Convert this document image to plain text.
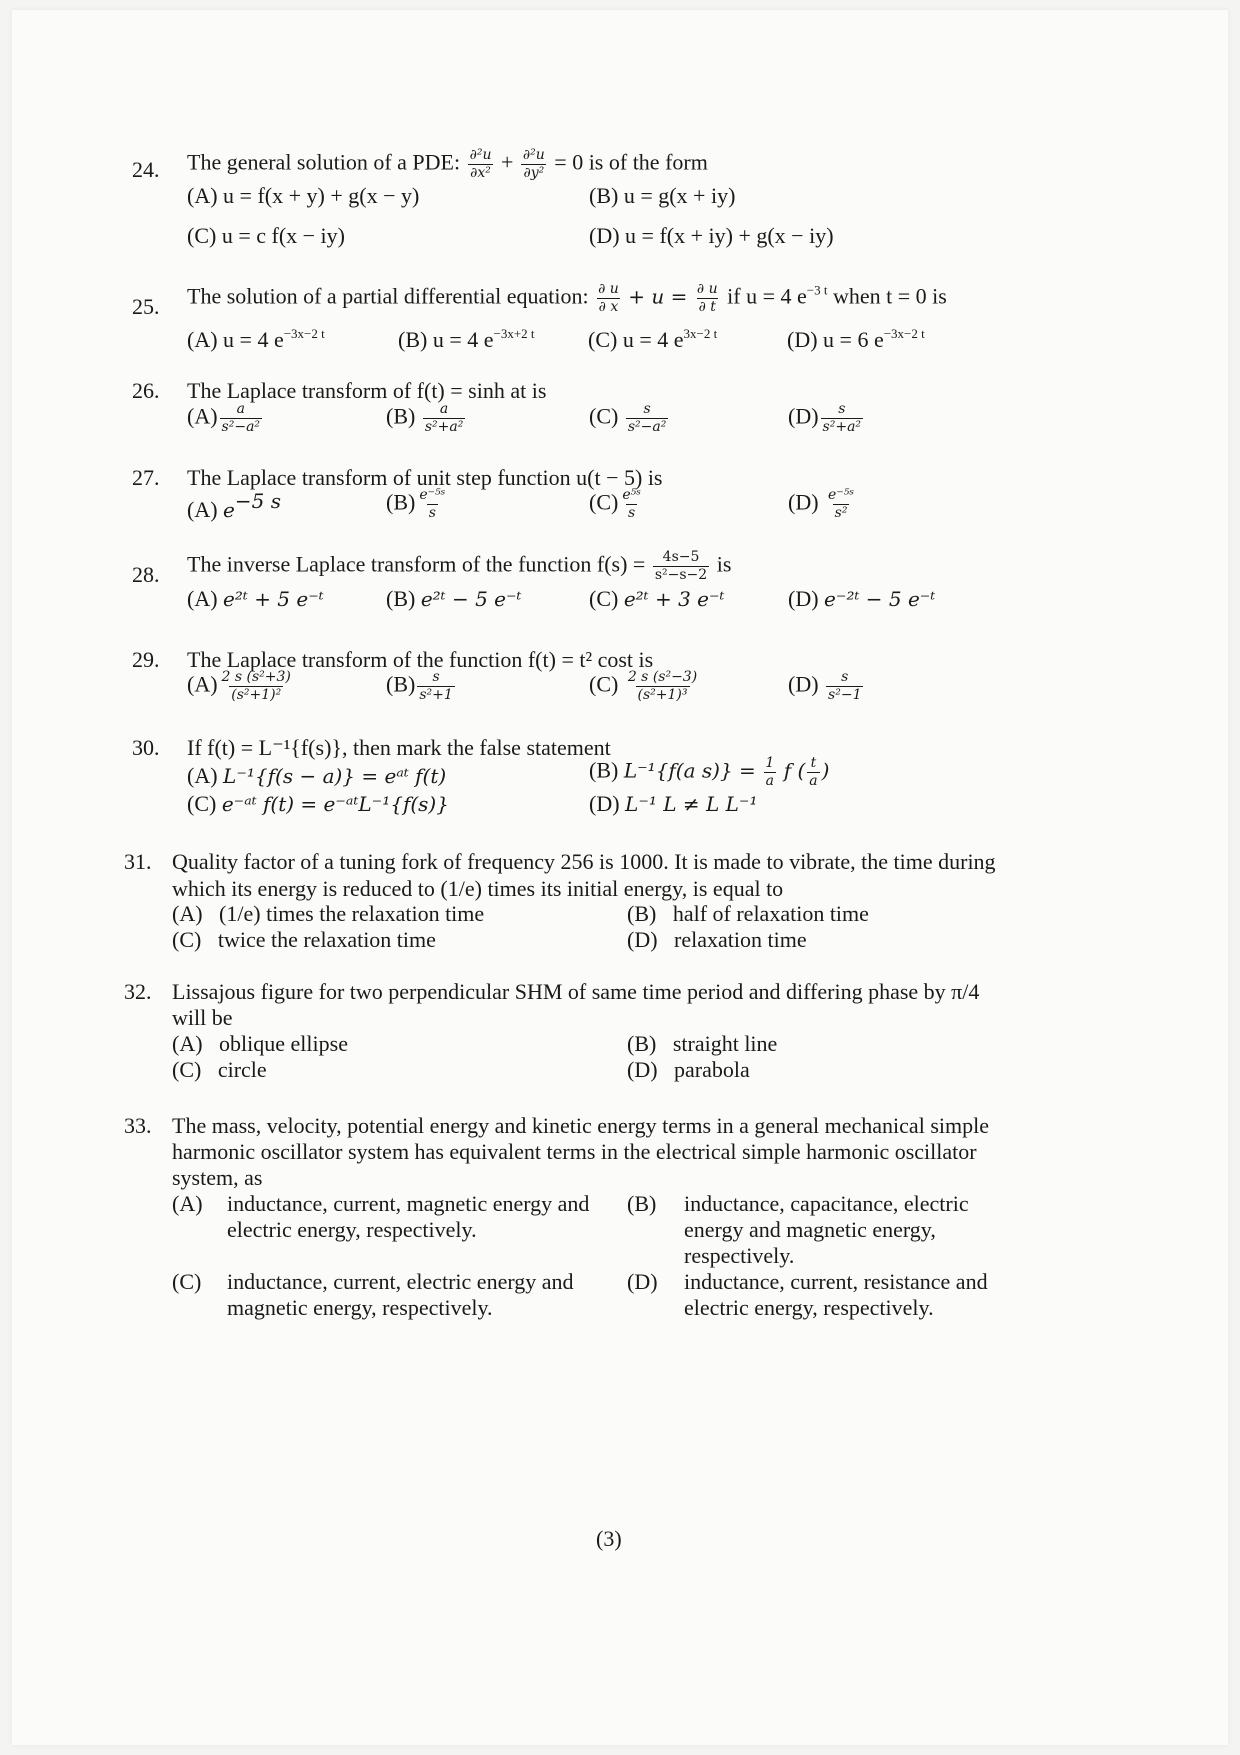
24. The general solution of a PDE: $\frac{\text{∂²u}}{\text{∂x²}} + \frac{\text{∂²u}}{\text{∂y²}} = 0$ is of the form
(A) u = f(x + y) + g(x − y)	(B) u = g(x + iy)
(C) u = c f(x − iy)	(D) u = f(x + iy) + g(x − iy)
25. The solution of a partial differential equation: $\frac{\partial u}{\partial x} + u = \frac{\partial u}{\partial t}$ if u = 4 $e^{-3 t}$ when t = 0 is
(A) u = 4 $e^{-3x-2 t}$	(B) u = 4 $e^{-3x+2 t}$ (C) u = 4 $e^{3x-2 t}$	(D) u = 6 $e^{-3x-2 t}$
26. The Laplace transform of f(t) = sinh at is
$(A) \frac{a}{\text{s²−a²}}$	$(B) \frac{a}{\text{s²+a²}}$	$(C) \frac{s}{\text{s²−a²}}$	$(D) \frac{s}{\text{s²+a²}}$
27. The Laplace transform of unit step function u(t − 5) is
(A) $e^{-5 s}$	$(B) \frac{\text{e⁻⁵ˢ}}{s}$	$(C) \frac{\text{e⁵ˢ}}{s}$	$(D) \frac{\text{e⁻⁵ˢ}}{\text{s²}}$
28. The inverse Laplace transform of the function $f(s) = \frac{4s-5}{\text{s²−s−2}}$ is
(A) e²ᵗ + 5 e⁻ᵗ	(B) e²ᵗ − 5 e⁻ᵗ	(C) e²ᵗ + 3 e⁻ᵗ	(D) e⁻²ᵗ − 5 e⁻ᵗ
29. The Laplace transform of the function f(t) = t² cost is
$(A) \frac{\text{2 s (s²+3)}}{\text{(s²+1)²}}$	$(B) \frac{s}{\text{s²+1}}$	$(C) \frac{\text{2 s (s²−3)}}{\text{(s²+1)³}}$	$(D) \frac{s}{\text{s²−1}}$
30. If f(t) = L⁻¹{f(s)}, then mark the false statement
(A) L⁻¹{f(s − a)} = eᵃᵗ f(t)	(B) L⁻¹{f(a $s)\} = \frac{1}{a}$ f ( $\frac{t}{a}$ )
(C) e⁻ᵃᵗ f(t) = e⁻ᵃᵗL⁻¹{f(s)}	(D) L⁻¹ L ≠ L L⁻¹
31. Quality factor of a tuning fork of frequency 256 is 1000. It is made to vibrate, the time during
which its energy is reduced to (1/e) times its initial energy, is equal to
(A) (1/e) times the relaxation time	(B) half of relaxation time
(C) twice the relaxation time	(D) relaxation time
32. Lissajous figure for two perpendicular SHM of same time period and differing phase by π/4
will be
(A) oblique ellipse	(B) straight line
(C) circle	(D) parabola
33. The mass, velocity, potential energy and kinetic energy terms in a general mechanical simple
harmonic oscillator system has equivalent terms in the electrical simple harmonic oscillator
system, as
(A) inductance, current, magnetic energy and
electric energy, respectively.
(B) inductance, capacitance, electric
energy and magnetic energy,
respectively.
(C) inductance, current, electric energy and
magnetic energy, respectively.
(D) inductance, current, resistance and
electric energy, respectively.
(3)
